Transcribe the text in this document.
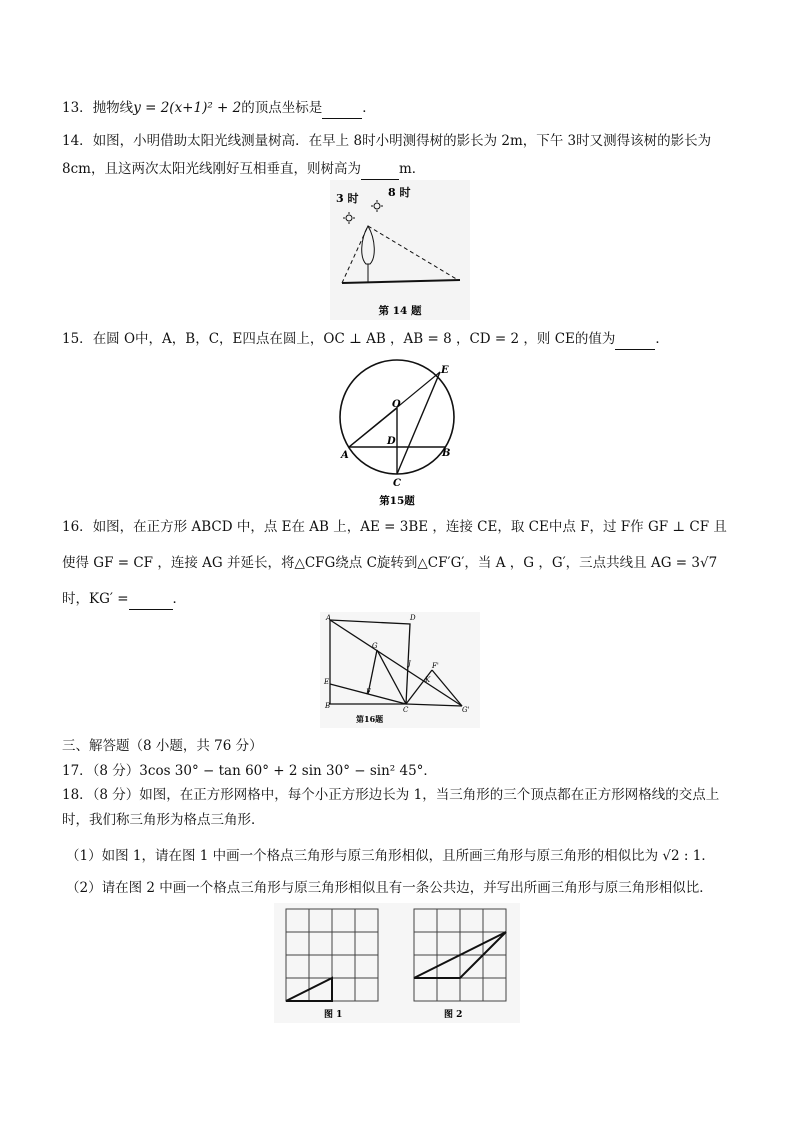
13．抛物线y = 2(x+1)² + 2的顶点坐标是	．
14．如图，小明借助太阳光线测量树高．在早上 8时小明测得树的影长为 2m，下午 3时又测得该树的影长为
8cm，且这两次太阳光线刚好互相垂直，则树高为	m．
3 时	8 时
第 14 题
15．在圆 O中，A，B，C，E四点在圆上，OC ⊥ AB ，AB = 8 ，CD = 2 ，则 CE的值为	．
E
O
D
A	B
C
第15题
16．如图，在正方形 ABCD 中，点 E在 AB 上，AE = 3BE ，连接 CE，取 CE中点 F，过 F作 GF ⊥ CF 且
使得 GF = CF ，连接 AG 并延长，将△CFG绕点 C旋转到△CF′G′，当 A ，G ，G′，三点共线且 AG = 3√7
时，KG′ =	．
A	D
G
J	F'
K
E
F
B	C	G'
第16题
三、解答题（8 小题，共 76 分）
17．（8 分）3cos 30° − tan 60° + 2 sin 30° − sin² 45°．
18．（8 分）如图，在正方形网格中，每个小正方形边长为 1，当三角形的三个顶点都在正方形网格线的交点上
时，我们称三角形为格点三角形．
（1）如图 1，请在图 1 中画一个格点三角形与原三角形相似，且所画三角形与原三角形的相似比为 √2 : 1．
（2）请在图 2 中画一个格点三角形与原三角形相似且有一条公共边，并写出所画三角形与原三角形相似比．
图 1	图 2
